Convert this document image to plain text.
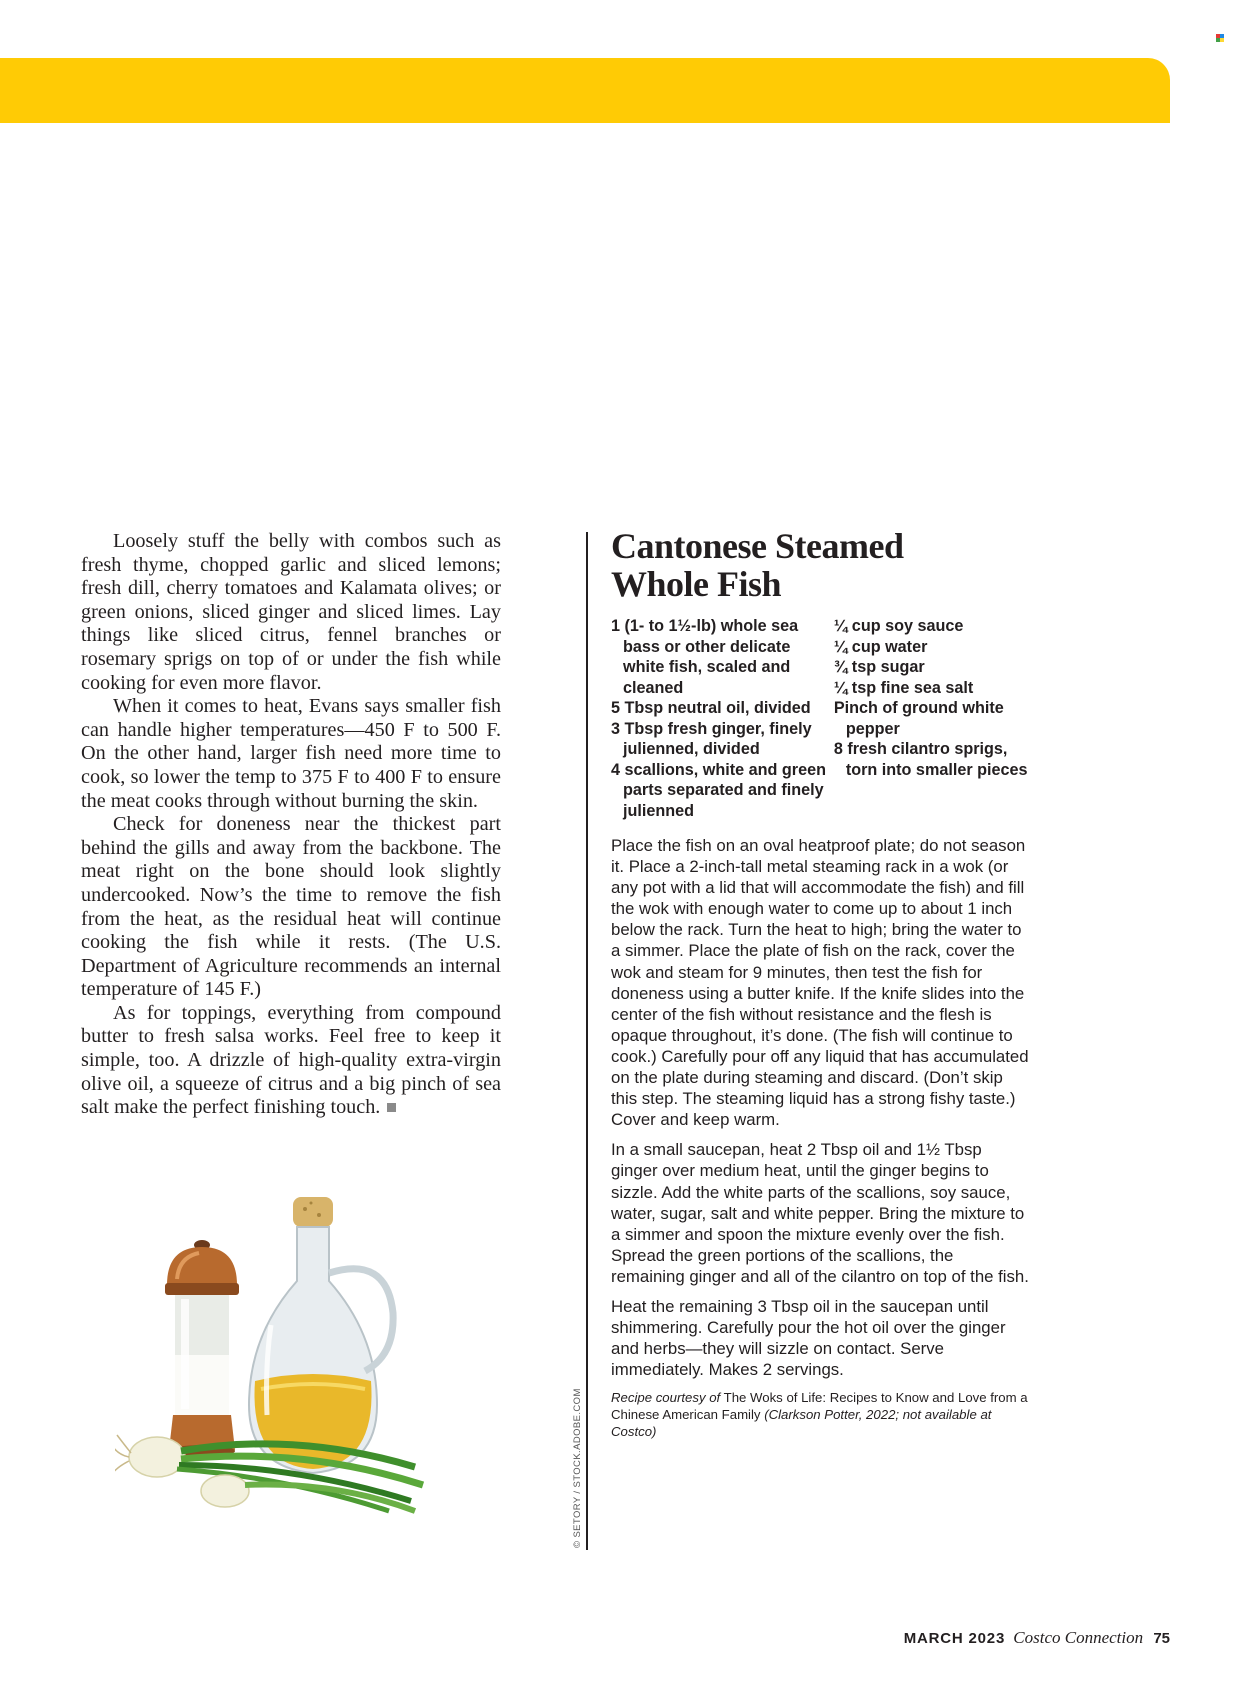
Loosely stuff the belly with combos such as fresh thyme, chopped garlic and sliced lemons; fresh dill, cherry tomatoes and Kalamata olives; or green onions, sliced ginger and sliced limes. Lay things like sliced citrus, fennel branches or rosemary sprigs on top of or under the fish while cooking for even more flavor.

When it comes to heat, Evans says smaller fish can handle higher temperatures—450 F to 500 F. On the other hand, larger fish need more time to cook, so lower the temp to 375 F to 400 F to ensure the meat cooks through without burning the skin.

Check for doneness near the thickest part behind the gills and away from the backbone. The meat right on the bone should look slightly undercooked. Now’s the time to remove the fish from the heat, as the residual heat will continue cooking the fish while it rests. (The U.S. Department of Agriculture recommends an internal temperature of 145 F.)

As for toppings, everything from compound butter to fresh salsa works. Feel free to keep it simple, too. A drizzle of high-quality extra-virgin olive oil, a squeeze of citrus and a big pinch of sea salt make the perfect finishing touch.

Cantonese Steamed
Whole Fish
1 (1- to 1½-lb) whole sea bass or other delicate white fish, scaled and cleaned
5 Tbsp neutral oil, divided
3 Tbsp fresh ginger, finely julienned, divided
4 scallions, white and green parts separated and finely julienned
¼ cup soy sauce
¼ cup water
¾ tsp sugar
¼ tsp fine sea salt
Pinch of ground white pepper
8 fresh cilantro sprigs, torn into smaller pieces

Place the fish on an oval heatproof plate; do not season it. Place a 2-inch-tall metal steaming rack in a wok (or any pot with a lid that will accommodate the fish) and fill the wok with enough water to come up to about 1 inch below the rack. Turn the heat to high; bring the water to a simmer. Place the plate of fish on the rack, cover the wok and steam for 9 minutes, then test the fish for doneness using a butter knife. If the knife slides into the center of the fish without resistance and the flesh is opaque throughout, it’s done. (The fish will continue to cook.) Carefully pour off any liquid that has accumulated on the plate during steaming and discard. (Don’t skip this step. The steaming liquid has a strong fishy taste.) Cover and keep warm.

In a small saucepan, heat 2 Tbsp oil and 1½ Tbsp ginger over medium heat, until the ginger begins to sizzle. Add the white parts of the scallions, soy sauce, water, sugar, salt and white pepper. Bring the mixture to a simmer and spoon the mixture evenly over the fish. Spread the green portions of the scallions, the remaining ginger and all of the cilantro on top of the fish.

Heat the remaining 3 Tbsp oil in the saucepan until shimmering. Carefully pour the hot oil over the ginger and herbs—they will sizzle on contact. Serve immediately. Makes 2 servings.

Recipe courtesy of The Woks of Life: Recipes to Know and Love from a Chinese American Family (Clarkson Potter, 2022; not available at Costco)
© SETORY / STOCK.ADOBE.COM
MARCH 2023 Costco Connection 75
